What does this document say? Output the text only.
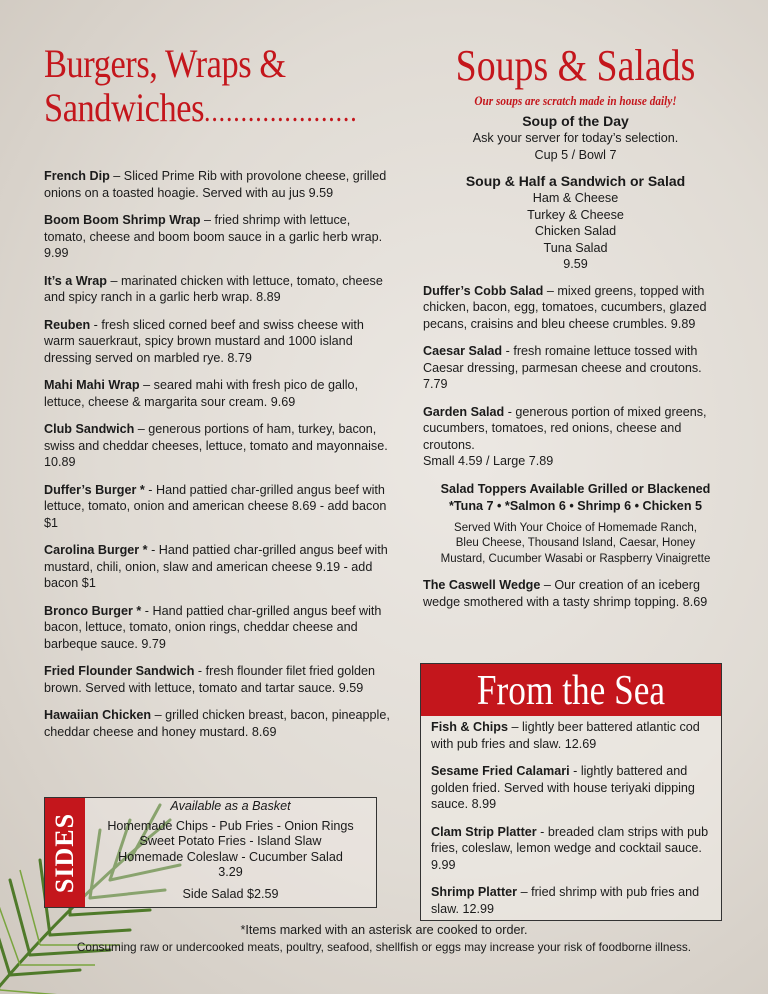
Burgers, Wraps &
Sandwiches.....................
French Dip – Sliced Prime Rib with provolone cheese, grilled onions on a toasted hoagie. Served with au jus 9.59
Boom Boom Shrimp Wrap – fried shrimp with lettuce, tomato, cheese and boom boom sauce in a garlic herb wrap. 9.99
It’s a Wrap – marinated chicken with lettuce, tomato, cheese and spicy ranch in a garlic herb wrap. 8.89
Reuben - fresh sliced corned beef and swiss cheese with warm sauerkraut, spicy brown mustard and 1000 island dressing served on marbled rye. 8.79
Mahi Mahi Wrap – seared mahi with fresh pico de gallo, lettuce, cheese & margarita sour cream. 9.69
Club Sandwich – generous portions of ham, turkey, bacon, swiss and cheddar cheeses, lettuce, tomato and mayonnaise. 10.89
Duffer’s Burger * - Hand pattied char-grilled angus beef with lettuce, tomato, onion and american cheese 8.69 - add bacon $1
Carolina Burger * - Hand pattied char-grilled angus beef with mustard, chili, onion, slaw and american cheese 9.19 - add bacon $1
Bronco Burger * - Hand pattied char-grilled angus beef with bacon, lettuce, tomato, onion rings, cheddar cheese and barbeque sauce. 9.79
Fried Flounder Sandwich - fresh flounder filet fried golden brown. Served with lettuce, tomato and tartar sauce. 9.59
Hawaiian Chicken – grilled chicken breast, bacon, pineapple, cheddar cheese and honey mustard. 8.69
SIDES
Available as a Basket
Homemade Chips - Pub Fries - Onion Rings
Sweet Potato Fries - Island Slaw
Homemade Coleslaw - Cucumber Salad
3.29
Side Salad $2.59
Soups & Salads
Our soups are scratch made in house daily!
Soup of the Day
Ask your server for today’s selection.
Cup 5 / Bowl 7
Soup & Half a Sandwich or Salad
Ham & Cheese
Turkey & Cheese
Chicken Salad
Tuna Salad
9.59
Duffer’s Cobb Salad – mixed greens, topped with chicken, bacon, egg, tomatoes, cucumbers, glazed pecans, craisins and bleu cheese crumbles. 9.89
Caesar Salad - fresh romaine lettuce tossed with Caesar dressing, parmesan cheese and croutons. 7.79
Garden Salad - generous portion of mixed greens, cucumbers, tomatoes, red onions, cheese and croutons.
Small 4.59 / Large 7.89
Salad Toppers Available Grilled or Blackened
*Tuna 7 • *Salmon 6 • Shrimp 6 • Chicken 5
Served With Your Choice of Homemade Ranch,
Bleu Cheese, Thousand Island, Caesar, Honey
Mustard, Cucumber Wasabi or Raspberry Vinaigrette
The Caswell Wedge – Our creation of an iceberg wedge smothered with a tasty shrimp topping. 8.69
From the Sea
Fish & Chips – lightly beer battered atlantic cod with pub fries and slaw. 12.69
Sesame Fried Calamari - lightly battered and golden fried. Served with house teriyaki dipping sauce. 8.99
Clam Strip Platter - breaded clam strips with pub fries, coleslaw, lemon wedge and cocktail sauce. 9.99
Shrimp Platter – fried shrimp with pub fries and slaw. 12.99
*Items marked with an asterisk are cooked to order.
Consuming raw or undercooked meats, poultry, seafood, shellfish or eggs may increase your risk of foodborne illness.
